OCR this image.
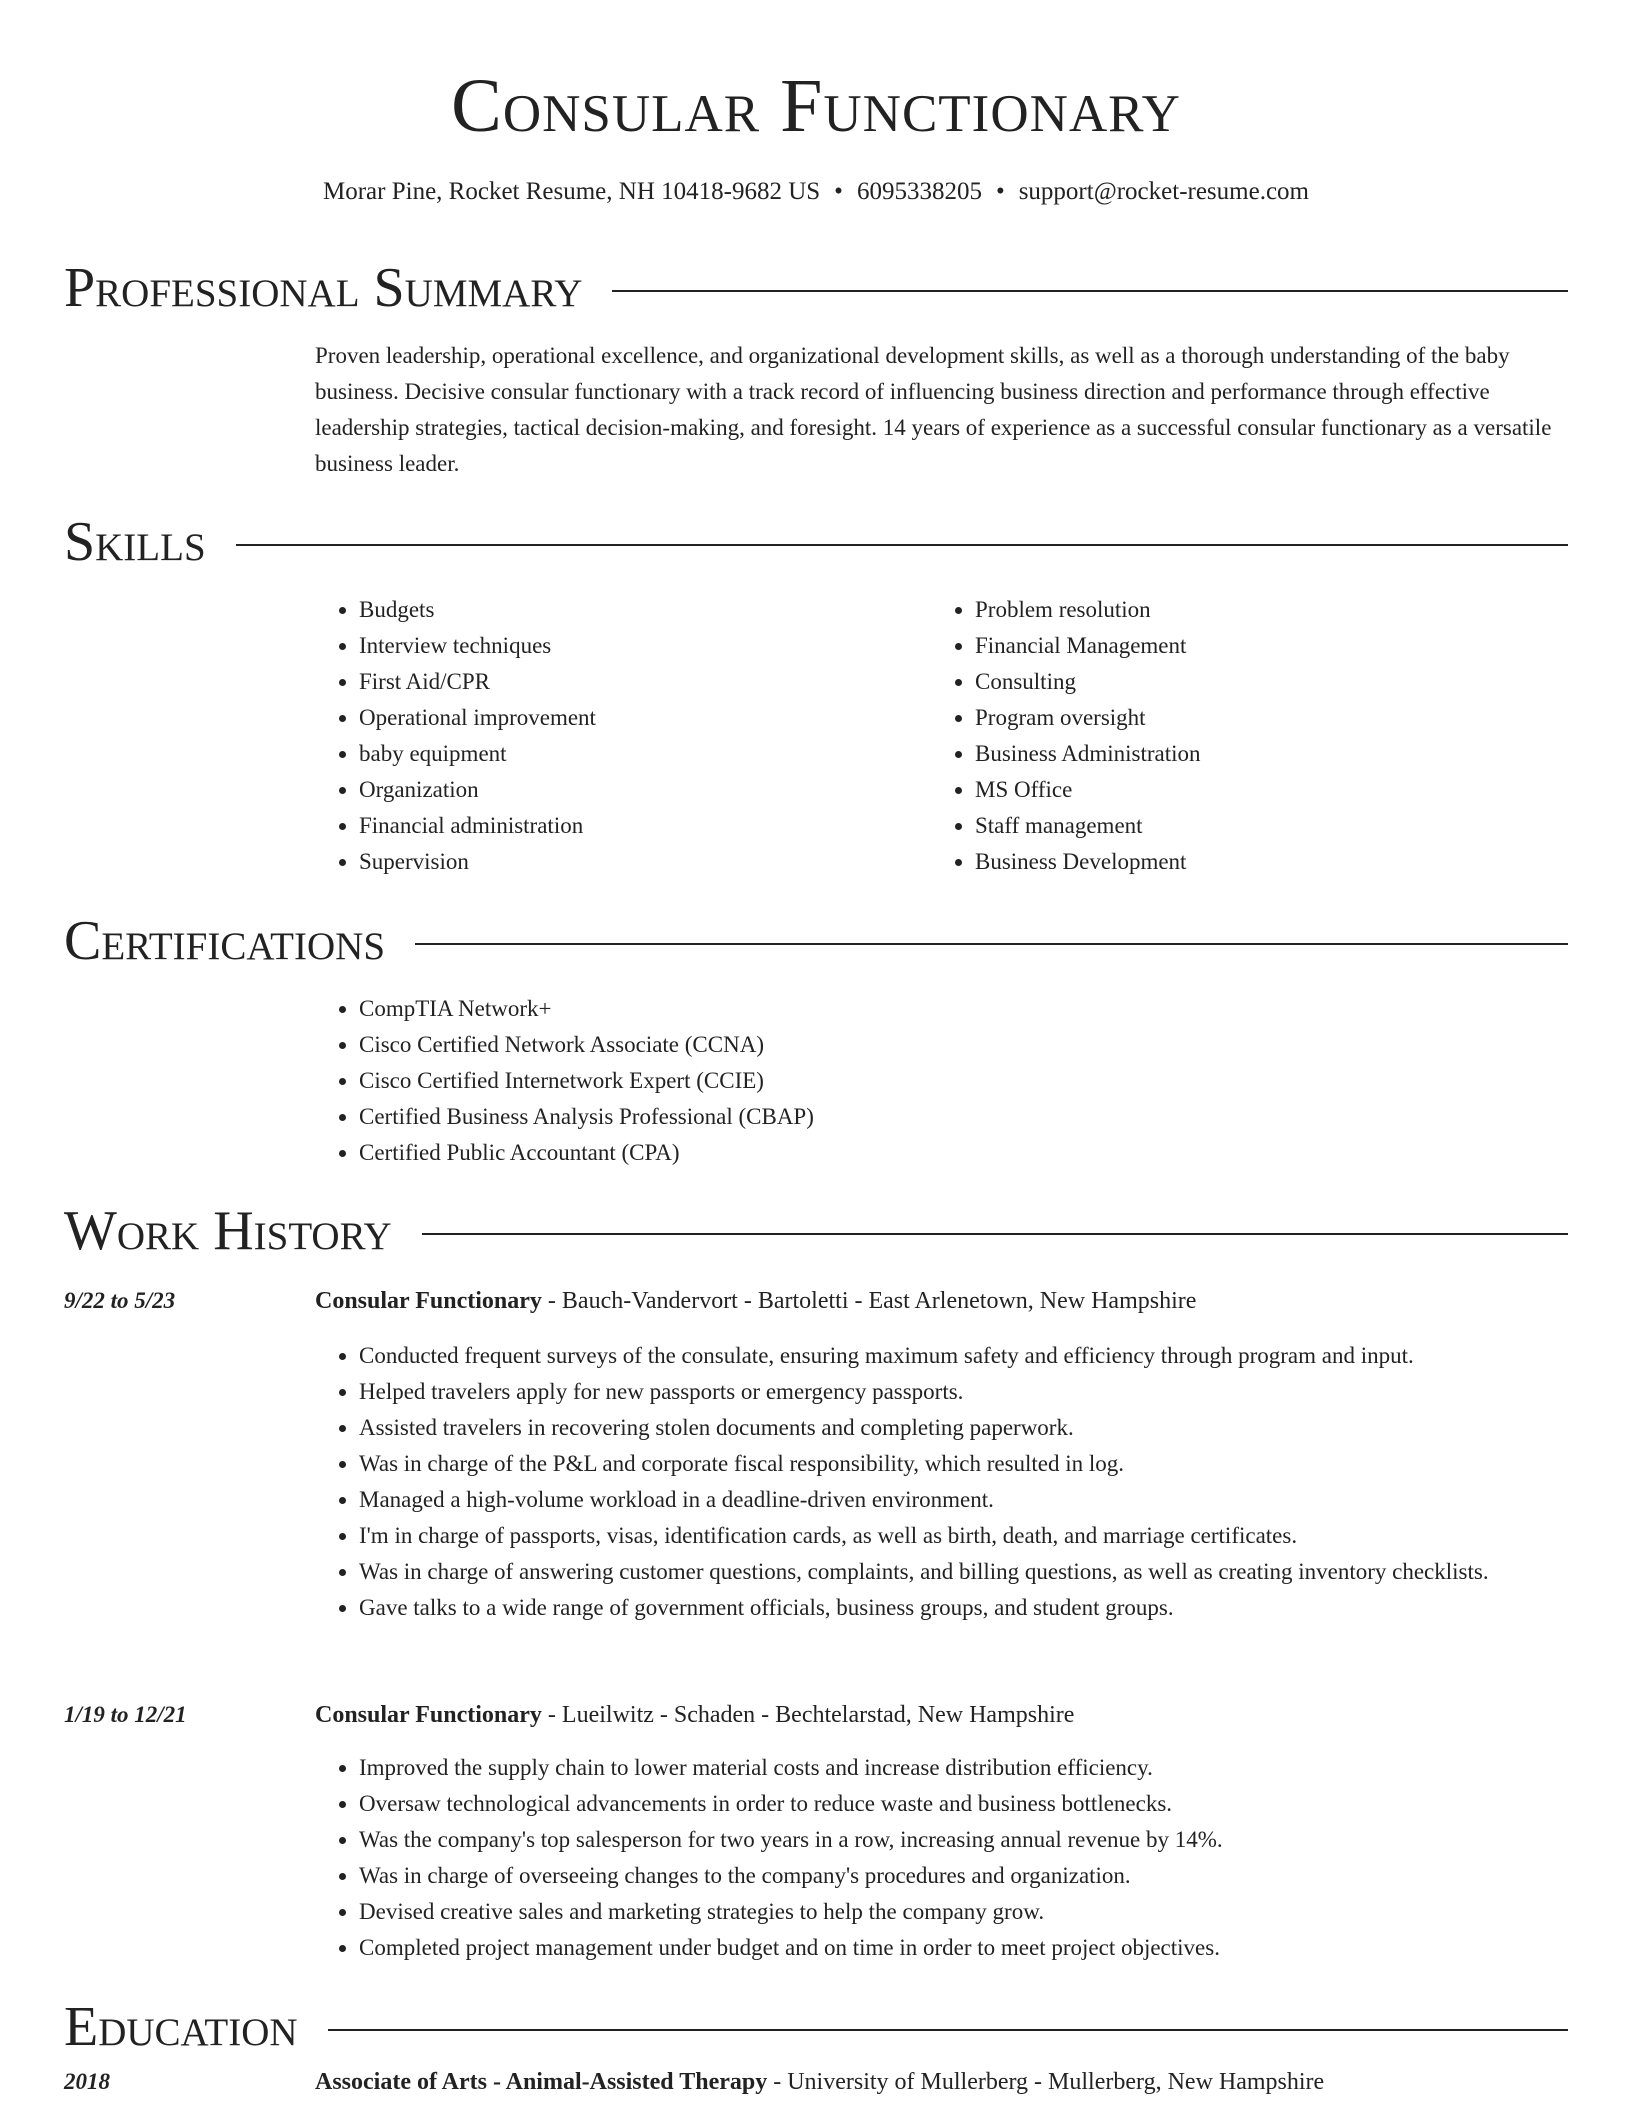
Consular Functionary
Morar Pine, Rocket Resume, NH 10418-9682 US • 6095338205 • support@rocket-resume.com
Professional Summary
Proven leadership, operational excellence, and organizational development skills, as well as a thorough understanding of the baby business. Decisive consular functionary with a track record of influencing business direction and performance through effective leadership strategies, tactical decision-making, and foresight. 14 years of experience as a successful consular functionary as a versatile business leader.
Skills
• Budgets
• Interview techniques
• First Aid/CPR
• Operational improvement
• baby equipment
• Organization
• Financial administration
• Supervision
• Problem resolution
• Financial Management
• Consulting
• Program oversight
• Business Administration
• MS Office
• Staff management
• Business Development
Certifications
• CompTIA Network+
• Cisco Certified Network Associate (CCNA)
• Cisco Certified Internetwork Expert (CCIE)
• Certified Business Analysis Professional (CBAP)
• Certified Public Accountant (CPA)
Work History
9/22 to 5/23	Consular Functionary - Bauch-Vandervort - Bartoletti - East Arlenetown, New Hampshire
• Conducted frequent surveys of the consulate, ensuring maximum safety and efficiency through program and input.
• Helped travelers apply for new passports or emergency passports.
• Assisted travelers in recovering stolen documents and completing paperwork.
• Was in charge of the P&L and corporate fiscal responsibility, which resulted in log.
• Managed a high-volume workload in a deadline-driven environment.
• I'm in charge of passports, visas, identification cards, as well as birth, death, and marriage certificates.
• Was in charge of answering customer questions, complaints, and billing questions, as well as creating inventory checklists.
• Gave talks to a wide range of government officials, business groups, and student groups.
1/19 to 12/21	Consular Functionary - Lueilwitz - Schaden - Bechtelarstad, New Hampshire
• Improved the supply chain to lower material costs and increase distribution efficiency.
• Oversaw technological advancements in order to reduce waste and business bottlenecks.
• Was the company's top salesperson for two years in a row, increasing annual revenue by 14%.
• Was in charge of overseeing changes to the company's procedures and organization.
• Devised creative sales and marketing strategies to help the company grow.
• Completed project management under budget and on time in order to meet project objectives.
Education
2018	Associate of Arts - Animal-Assisted Therapy - University of Mullerberg - Mullerberg, New Hampshire
